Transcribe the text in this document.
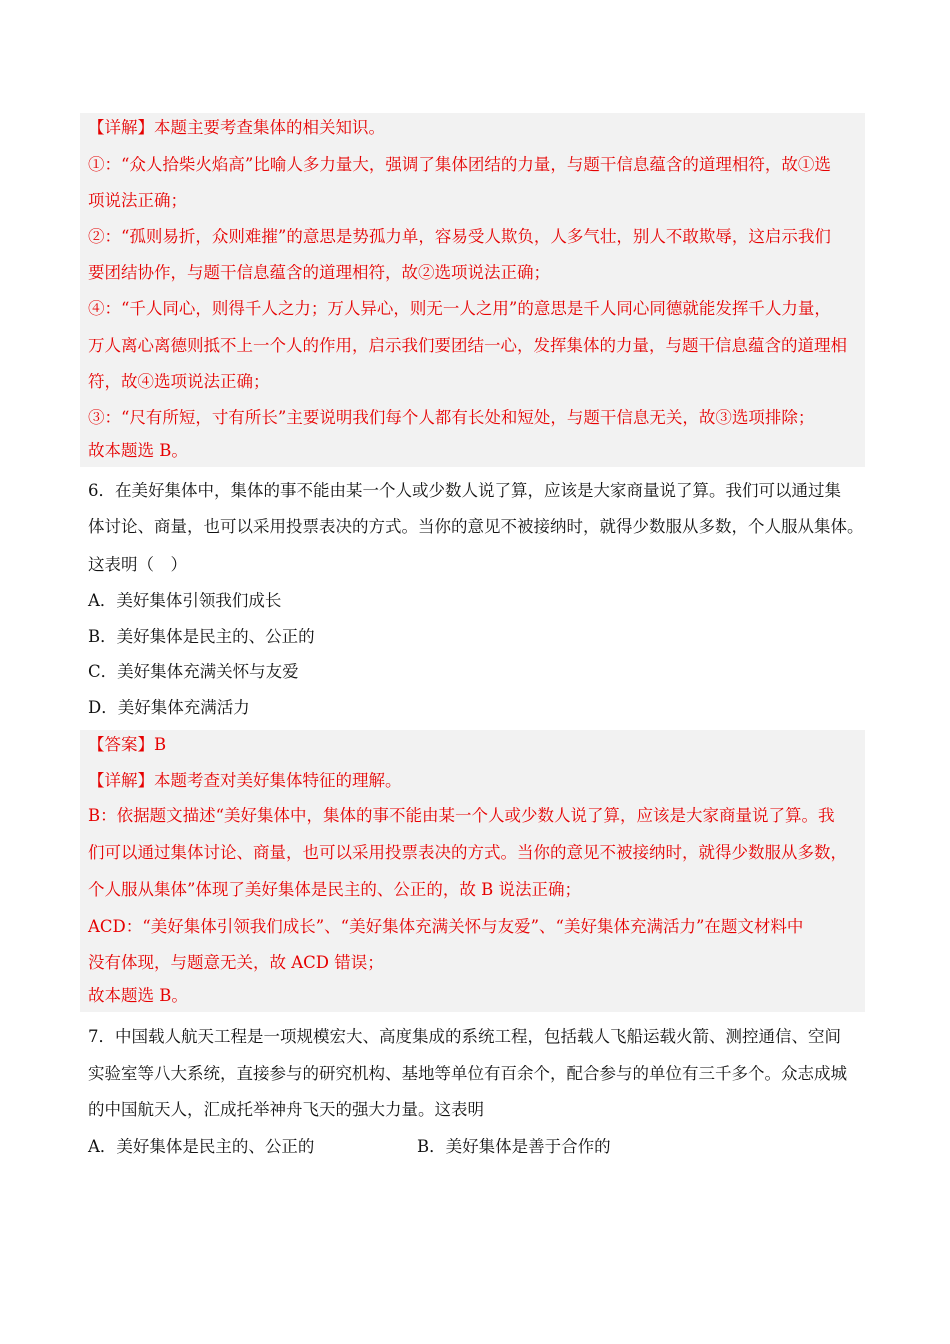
【详解】本题主要考查集体的相关知识。
①：“众人拾柴火焰高”比喻人多力量大，强调了集体团结的力量，与题干信息蕴含的道理相符，故①选
项说法正确；
②：“孤则易折，众则难摧”的意思是势孤力单，容易受人欺负，人多气壮，别人不敢欺辱，这启示我们
要团结协作，与题干信息蕴含的道理相符，故②选项说法正确；
④：“千人同心，则得千人之力；万人异心，则无一人之用”的意思是千人同心同德就能发挥千人力量，
万人离心离德则抵不上一个人的作用，启示我们要团结一心，发挥集体的力量，与题干信息蕴含的道理相
符，故④选项说法正确；
③：“尺有所短，寸有所长”主要说明我们每个人都有长处和短处，与题干信息无关，故③选项排除；
故本题选 B。
6．在美好集体中，集体的事不能由某一个人或少数人说了算，应该是大家商量说了算。我们可以通过集
体讨论、商量，也可以采用投票表决的方式。当你的意见不被接纳时，就得少数服从多数，个人服从集体。
这表明（　）
A．美好集体引领我们成长
B．美好集体是民主的、公正的
C．美好集体充满关怀与友爱
D．美好集体充满活力
【答案】B
【详解】本题考查对美好集体特征的理解。
B：依据题文描述“美好集体中，集体的事不能由某一个人或少数人说了算，应该是大家商量说了算。我
们可以通过集体讨论、商量，也可以采用投票表决的方式。当你的意见不被接纳时，就得少数服从多数，
个人服从集体”体现了美好集体是民主的、公正的，故 B 说法正确；
ACD：“美好集体引领我们成长”、“美好集体充满关怀与友爱”、“美好集体充满活力”在题文材料中
没有体现，与题意无关，故 ACD 错误；
故本题选 B。
7．中国载人航天工程是一项规模宏大、高度集成的系统工程，包括载人飞船运载火箭、测控通信、空间
实验室等八大系统，直接参与的研究机构、基地等单位有百余个，配合参与的单位有三千多个。众志成城
的中国航天人，汇成托举神舟飞天的强大力量。这表明
A．美好集体是民主的、公正的	B．美好集体是善于合作的
